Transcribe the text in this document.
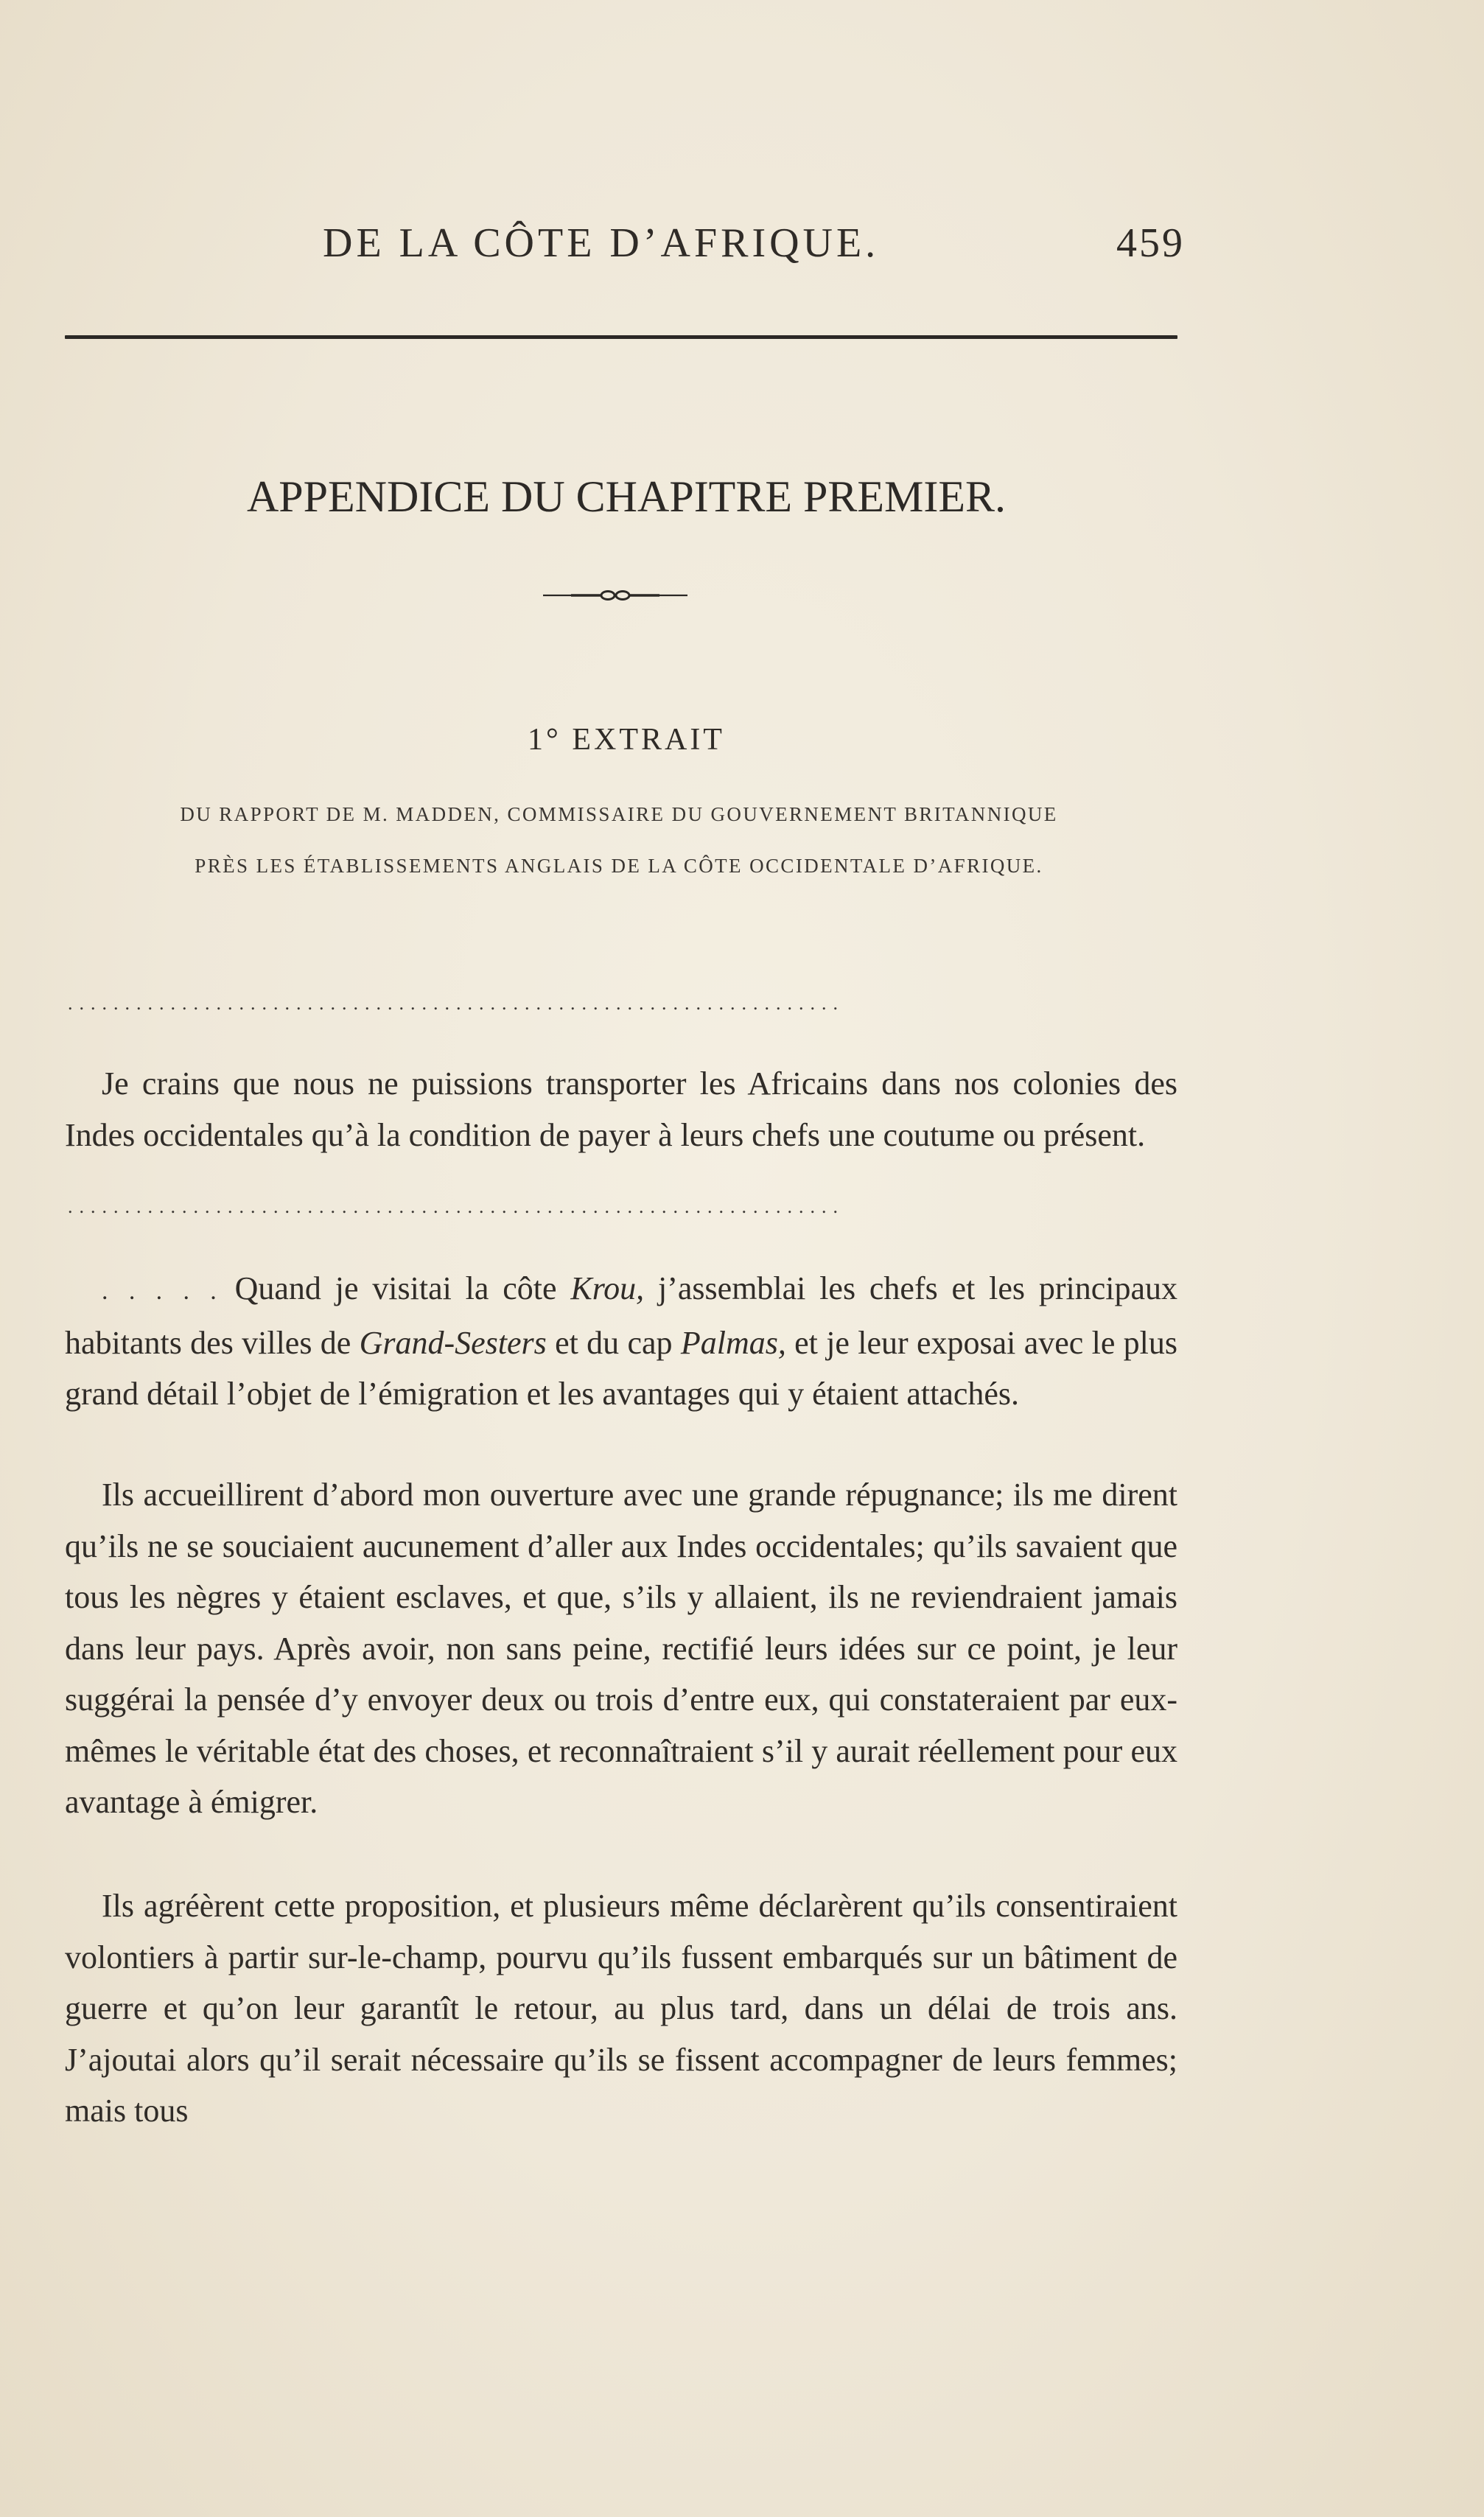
DE LA CÔTE D’AFRIQUE.	459
APPENDICE DU CHAPITRE PREMIER.
1° EXTRAIT
DU RAPPORT DE M. MADDEN, COMMISSAIRE DU GOUVERNEMENT BRITANNIQUE
PRÈS LES ÉTABLISSEMENTS ANGLAIS DE LA CÔTE OCCIDENTALE D’AFRIQUE.
....................................................................

Je crains que nous ne puissions transporter les Africains dans nos colonies des Indes occidentales qu’à la condition de payer à leurs chefs une coutume ou présent.

....................................................................

. . . . . Quand je visitai la côte Krou, j’assemblai les chefs et les principaux habitants des villes de Grand-Sesters et du cap Palmas, et je leur exposai avec le plus grand détail l’objet de l’émigration et les avantages qui y étaient attachés.

Ils accueillirent d’abord mon ouverture avec une grande répugnance; ils me dirent qu’ils ne se souciaient aucunement d’aller aux Indes occidentales; qu’ils savaient que tous les nègres y étaient esclaves, et que, s’ils y allaient, ils ne reviendraient jamais dans leur pays. Après avoir, non sans peine, rectifié leurs idées sur ce point, je leur suggérai la pensée d’y envoyer deux ou trois d’entre eux, qui constateraient par eux-mêmes le véritable état des choses, et reconnaîtraient s’il y aurait réellement pour eux avantage à émigrer.

Ils agréèrent cette proposition, et plusieurs même déclarèrent qu’ils consentiraient volontiers à partir sur-le-champ, pourvu qu’ils fussent embarqués sur un bâtiment de guerre et qu’on leur garantît le retour, au plus tard, dans un délai de trois ans. J’ajoutai alors qu’il serait nécessaire qu’ils se fissent accompagner de leurs femmes; mais tous
